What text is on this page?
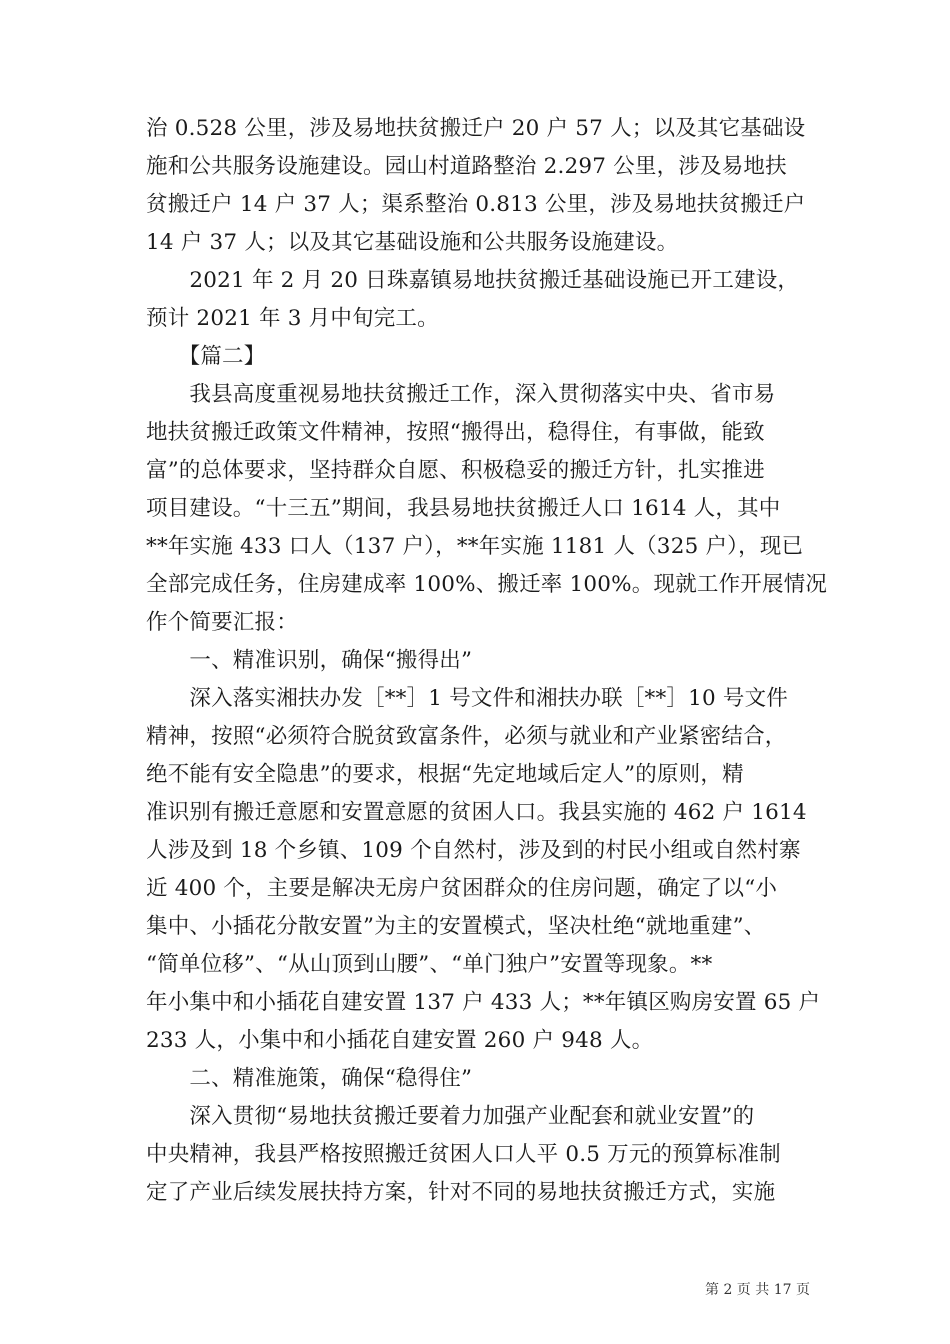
治 0.528 公里，涉及易地扶贫搬迁户 20 户 57 人；以及其它基础设
施和公共服务设施建设。园山村道路整治 2.297 公里，涉及易地扶
贫搬迁户 14 户 37 人；渠系整治 0.813 公里，涉及易地扶贫搬迁户
14 户 37 人；以及其它基础设施和公共服务设施建设。
　　2021 年 2 月 20 日珠嘉镇易地扶贫搬迁基础设施已开工建设，
预计 2021 年 3 月中旬完工。
　　【篇二】
　　我县高度重视易地扶贫搬迁工作，深入贯彻落实中央、省市易
地扶贫搬迁政策文件精神，按照“搬得出，稳得住，有事做，能致
富”的总体要求，坚持群众自愿、积极稳妥的搬迁方针，扎实推进
项目建设。“十三五”期间，我县易地扶贫搬迁人口 1614 人，其中
**年实施 433 口人（137 户），**年实施 1181 人（325 户），现已
全部完成任务，住房建成率 100%、搬迁率 100%。现就工作开展情况
作个简要汇报：
　　一、精准识别，确保“搬得出”
　　深入落实湘扶办发［**］1 号文件和湘扶办联［**］10 号文件
精神，按照“必须符合脱贫致富条件，必须与就业和产业紧密结合，
绝不能有安全隐患”的要求，根据“先定地域后定人”的原则，精
准识别有搬迁意愿和安置意愿的贫困人口。我县实施的 462 户 1614
人涉及到 18 个乡镇、109 个自然村，涉及到的村民小组或自然村寨
近 400 个，主要是解决无房户贫困群众的住房问题，确定了以“小
集中、小插花分散安置”为主的安置模式，坚决杜绝“就地重建”、
“简单位移”、“从山顶到山腰”、“单门独户”安置等现象。**
年小集中和小插花自建安置 137 户 433 人；**年镇区购房安置 65 户
233 人，小集中和小插花自建安置 260 户 948 人。
　　二、精准施策，确保“稳得住”
　　深入贯彻“易地扶贫搬迁要着力加强产业配套和就业安置”的
中央精神，我县严格按照搬迁贫困人口人平 0.5 万元的预算标准制
定了产业后续发展扶持方案，针对不同的易地扶贫搬迁方式，实施
第 2 页 共 17 页
